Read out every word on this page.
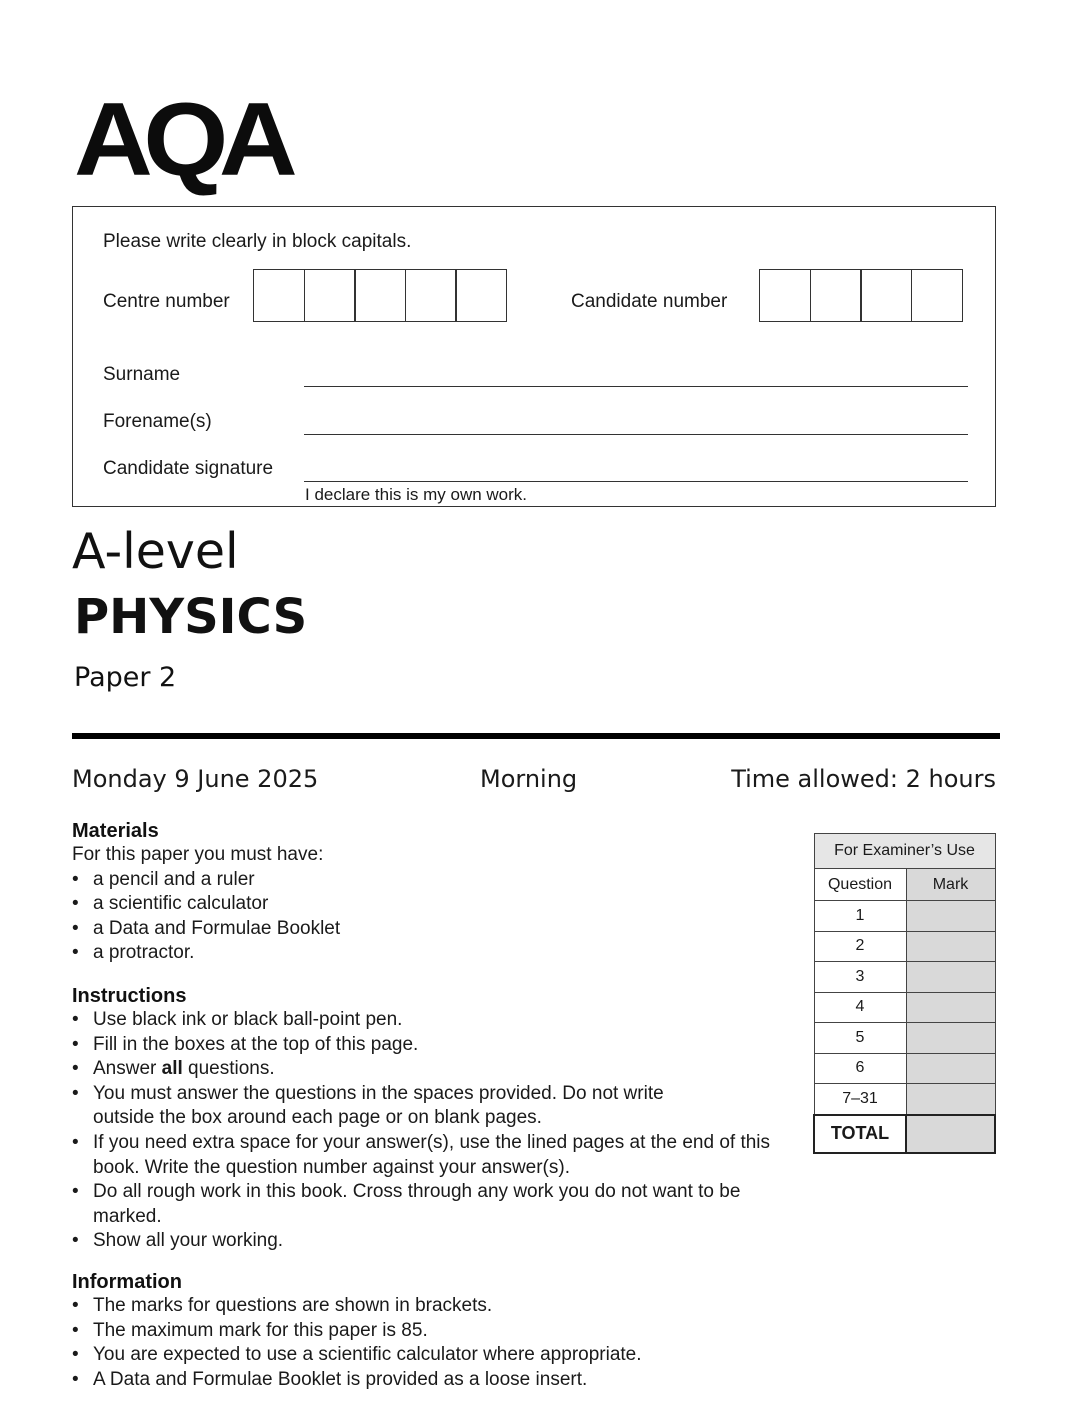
AQA
Please write clearly in block capitals.
Centre number	Candidate number
Surname
Forename(s)
Candidate signature
I declare this is my own work.
A-level
PHYSICS
Paper 2
Monday 9 June 2025	Morning	Time allowed: 2 hours
Materials
For this paper you must have:
• a pencil and a ruler
• a scientific calculator
• a Data and Formulae Booklet
• a protractor.
Instructions
• Use black ink or black ball-point pen.
• Fill in the boxes at the top of this page.
• Answer all questions.
• You must answer the questions in the spaces provided. Do not write outside the box around each page or on blank pages.
• If you need extra space for your answer(s), use the lined pages at the end of this book. Write the question number against your answer(s).
• Do all rough work in this book. Cross through any work you do not want to be marked.
• Show all your working.
Information
• The marks for questions are shown in brackets.
• The maximum mark for this paper is 85.
• You are expected to use a scientific calculator where appropriate.
• A Data and Formulae Booklet is provided as a loose insert.
For Examiner’s Use	
Question	Mark
1	
2	
3	
4	
5	
6	
7–31	
TOTAL	
